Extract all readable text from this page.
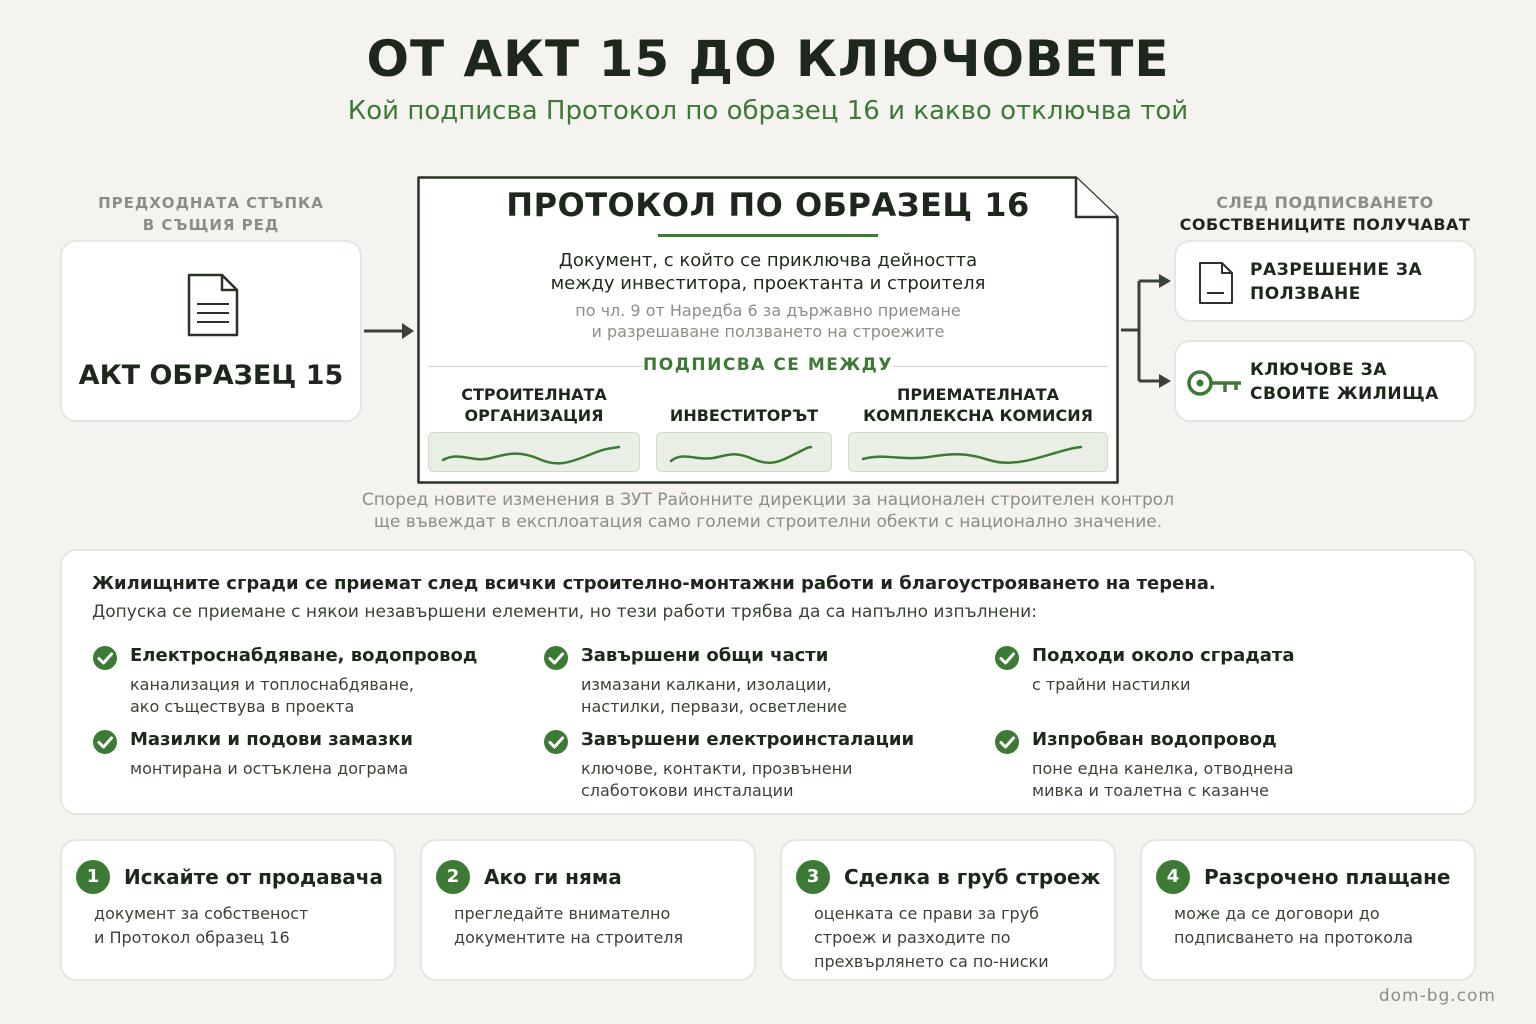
ОТ АКТ 15 ДО КЛЮЧОВЕТЕ
Кой подписва Протокол по образец 16 и какво отключва той
ПРЕДХОДНАТА СТЪПКА
В СЪЩИЯ РЕД
АКТ ОБРАЗЕЦ 15
ПРОТОКОЛ ПО ОБРАЗЕЦ 16
Документ, с който се приключва дейността
между инвеститора, проектанта и строителя
по чл. 9 от Наредба 6 за държавно приемане
и разрешаване ползването на строежите
ПОДПИСВА СЕ МЕЖДУ
СТРОИТЕЛНАТА
ОРГАНИЗАЦИЯ	ИНВЕСТИТОРЪТ
ПРИЕМАТЕЛНАТА
КОМПЛЕКСНА КОМИСИЯ
Според новите изменения в ЗУТ Районните дирекции за национален строителен контрол
ще въвеждат в експлоатация само големи строителни обекти с национално значение.
СЛЕД ПОДПИСВАНЕТО
СОБСТВЕНИЦИТЕ ПОЛУЧАВАТ
РАЗРЕШЕНИЕ ЗА
ПОЛЗВАНЕ
КЛЮЧОВЕ ЗА
СВОИТЕ ЖИЛИЩА
Жилищните сгради се приемат след всички строително-монтажни работи и благоустрояването на терена.
Допуска се приемане с някои незавършени елементи, но тези работи трябва да са напълно изпълнени:
Електроснабдяване, водопровод
канализация и топлоснабдяване,
ако съществува в проекта
Завършени общи части
измазани калкани, изолации,
настилки, первази, осветление
Подходи около сградата
с трайни настилки
Мазилки и подови замазки
монтирана и остъклена дограма
Завършени електроинсталации
ключове, контакти, прозвънени
слаботокови инсталации
Изпробван водопровод
поне една канелка, отводнена
мивка и тоалетна с казанче
1	Искайте от продавача
документ за собственост
и Протокол образец 16
2	Ако ги няма
прегледайте внимателно
документите на строителя
3	Сделка в груб строеж
оценката се прави за груб
строеж и разходите по
прехвърлянето са по-ниски
4	Разсрочено плащане
може да се договори до
подписването на протокола
dom-bg.com
